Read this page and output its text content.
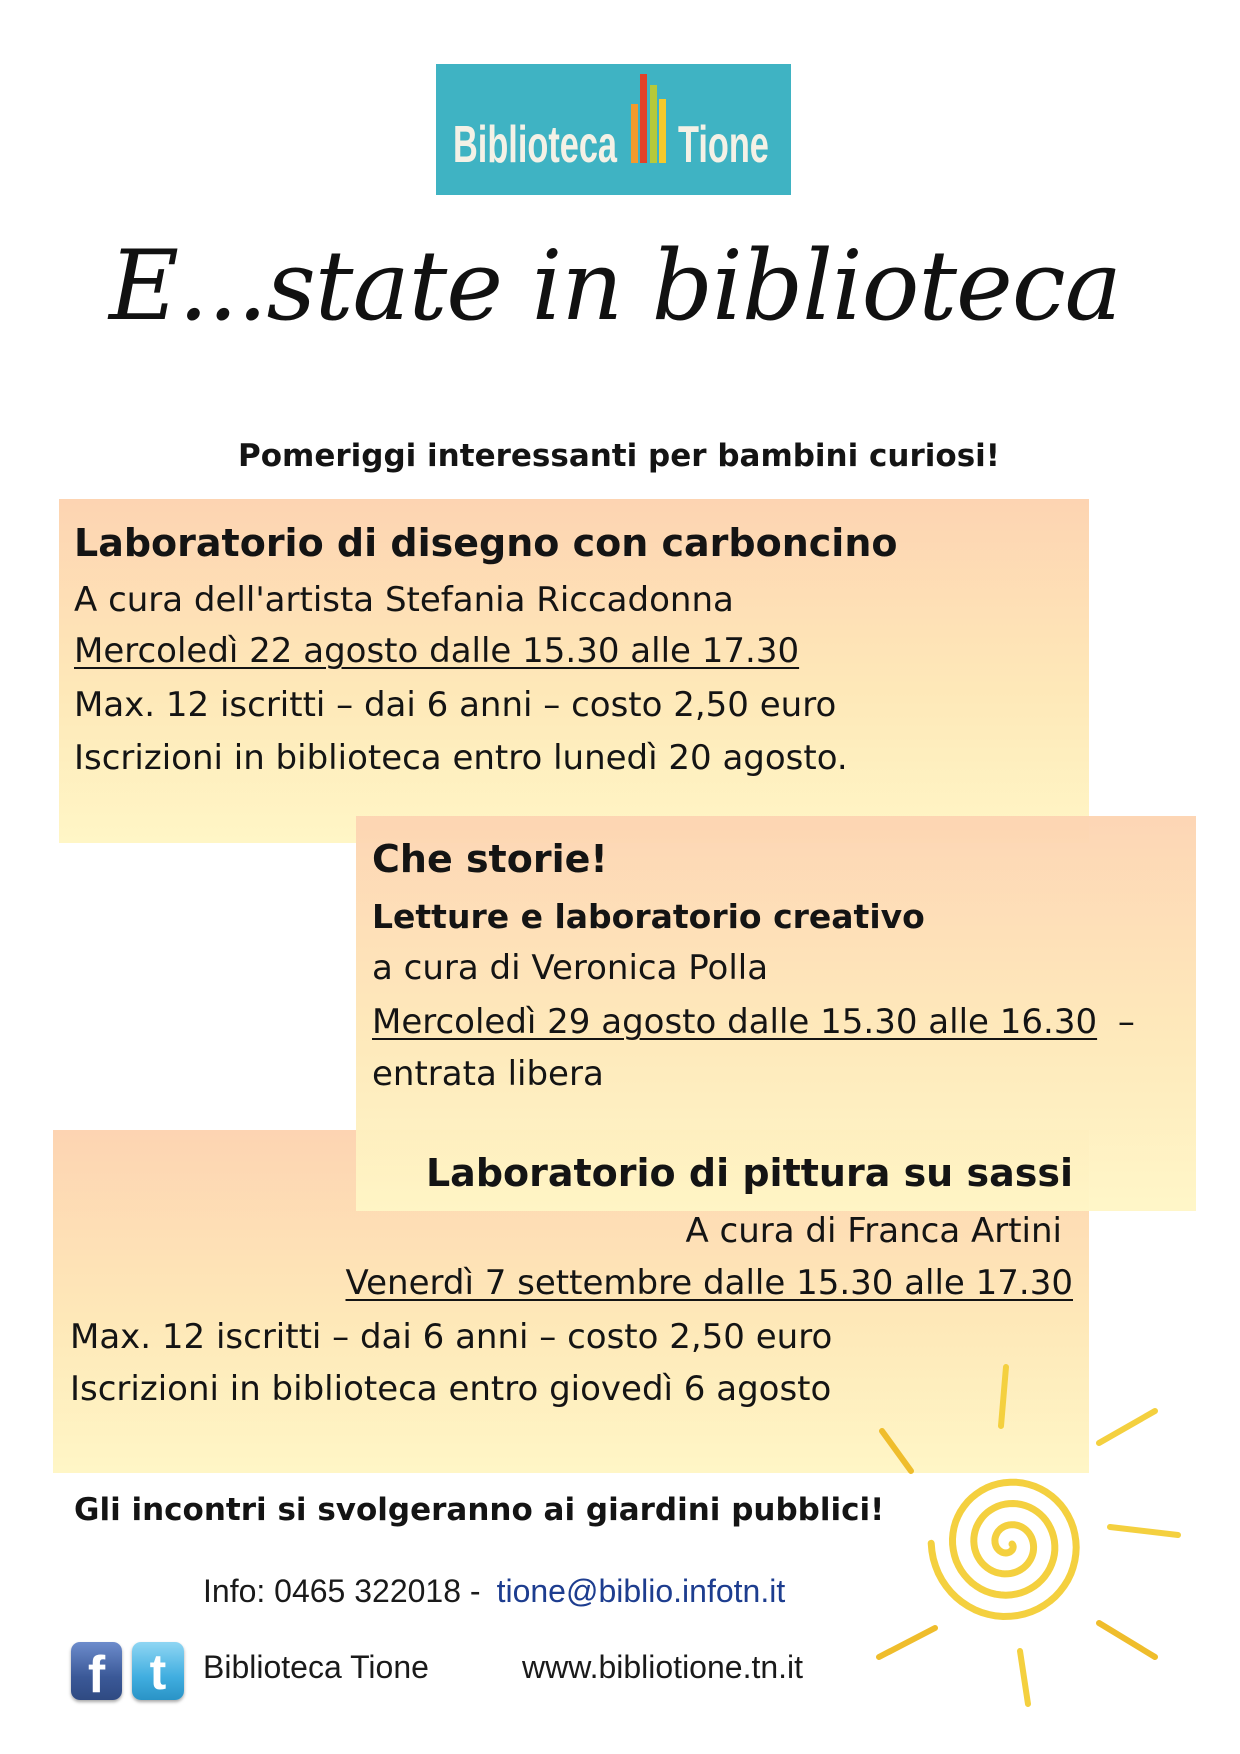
Biblioteca Tione
E...state in biblioteca
Pomeriggi interessanti per bambini curiosi!
Laboratorio di disegno con carboncino
A cura dell'artista Stefania Riccadonna
Mercoledì 22 agosto dalle 15.30 alle 17.30
Max. 12 iscritti – dai 6 anni – costo 2,50 euro
Iscrizioni in biblioteca entro lunedì 20 agosto.
Che storie!
Letture e laboratorio creativo
a cura di Veronica Polla
Mercoledì 29 agosto dalle 15.30 alle 16.30 –
entrata libera
Laboratorio di pittura su sassi
A cura di Franca Artini
Venerdì 7 settembre dalle 15.30 alle 17.30
Max. 12 iscritti – dai 6 anni – costo 2,50 euro
Iscrizioni in biblioteca entro giovedì 6 agosto
Gli incontri si svolgeranno ai giardini pubblici!
Info: 0465 322018 - tione@biblio.infotn.it
f t	Biblioteca Tione	www.bibliotione.tn.it
